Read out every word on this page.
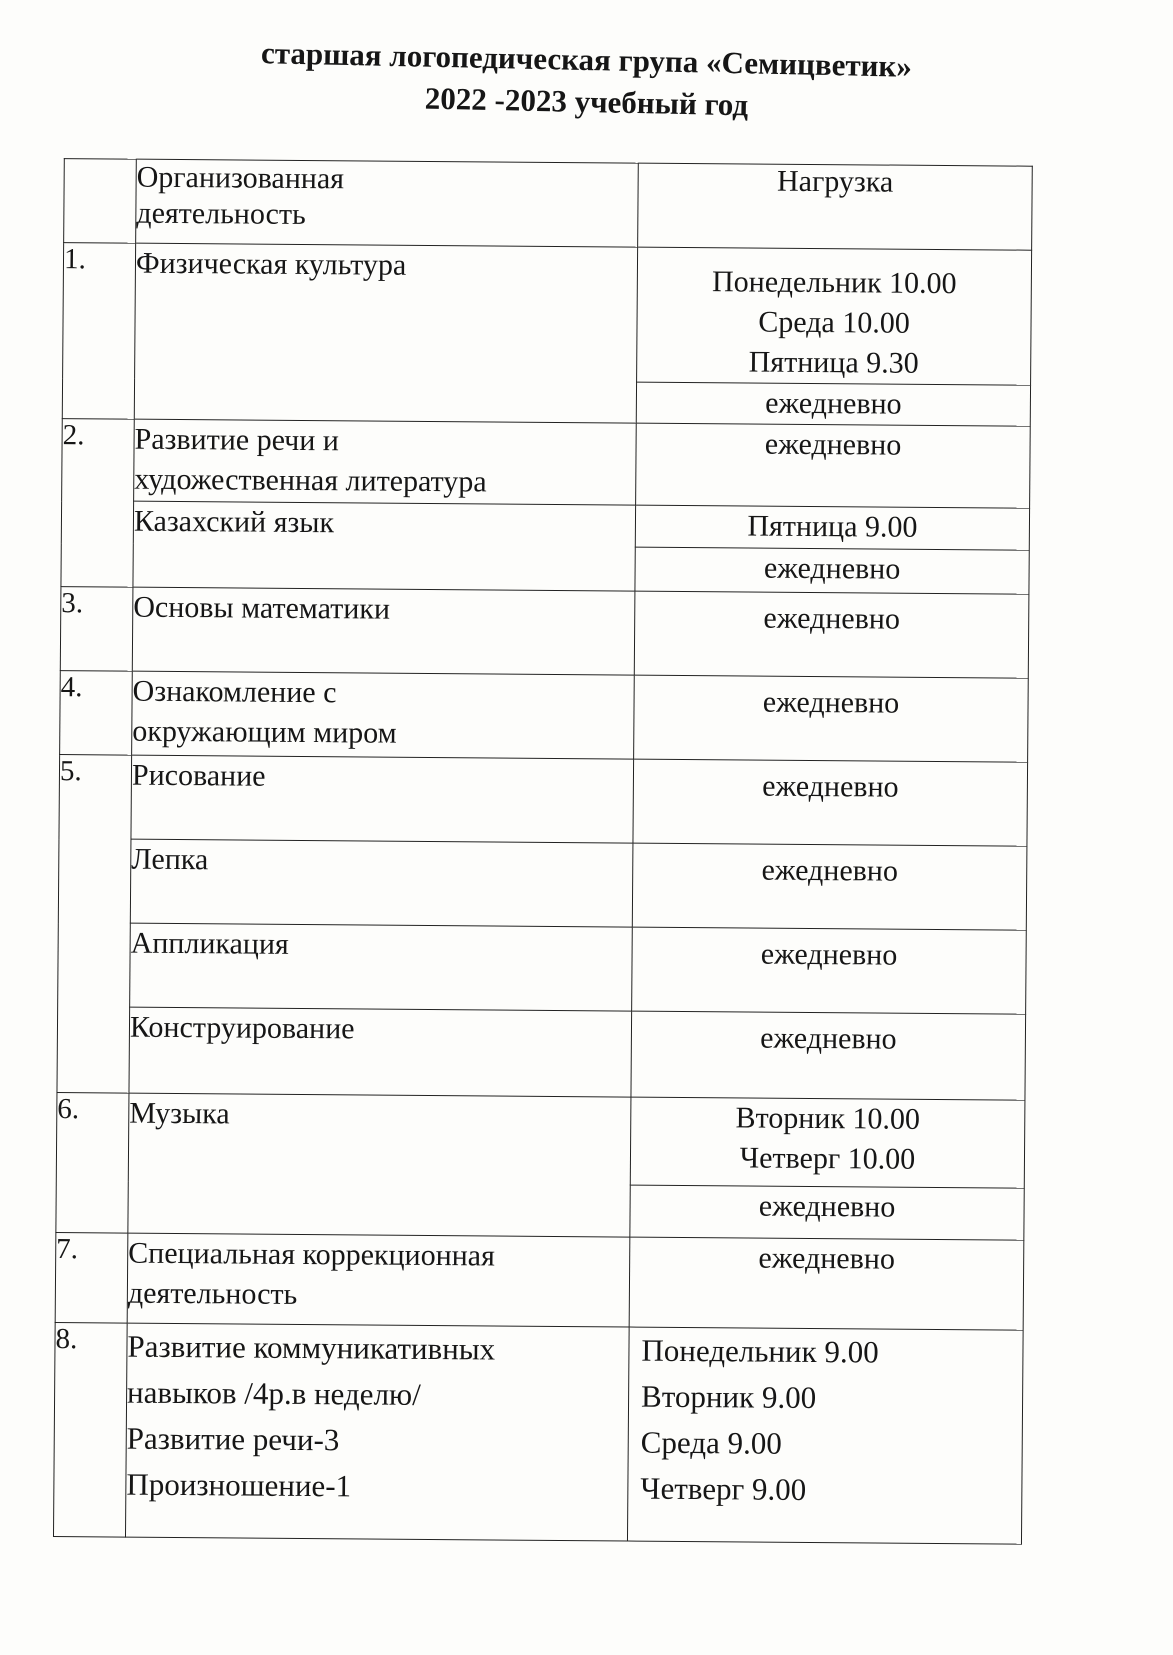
старшая логопедическая група «Семицветик»
2022 -2023 учебный год

	Организованная
деятельность	Нагрузка
1.	Физическая культура	Понедельник 10.00
Среда 10.00
Пятница 9.30

		ежедневно
2.	Развитие речи и
художественная литература	ежедневно
	Казахский язык	Пятница 9.00
		ежедневно
3.	Основы математики	ежедневно
4.	Ознакомление с
окружающим миром	ежедневно
5.	Рисование	ежедневно
	Лепка	ежедневно
	Аппликация	ежедневно
	Конструирование	ежедневно
6.	Музыка	Вторник 10.00
Четверг 10.00

		ежедневно
7.	Специальная коррекционная
деятельность	ежедневно
8.	Развитие коммуникативных
навыков /4р.в неделю/
Развитие речи-3
Произношение-1	Понедельник 9.00
Вторник 9.00
Среда 9.00
Четверг 9.00
